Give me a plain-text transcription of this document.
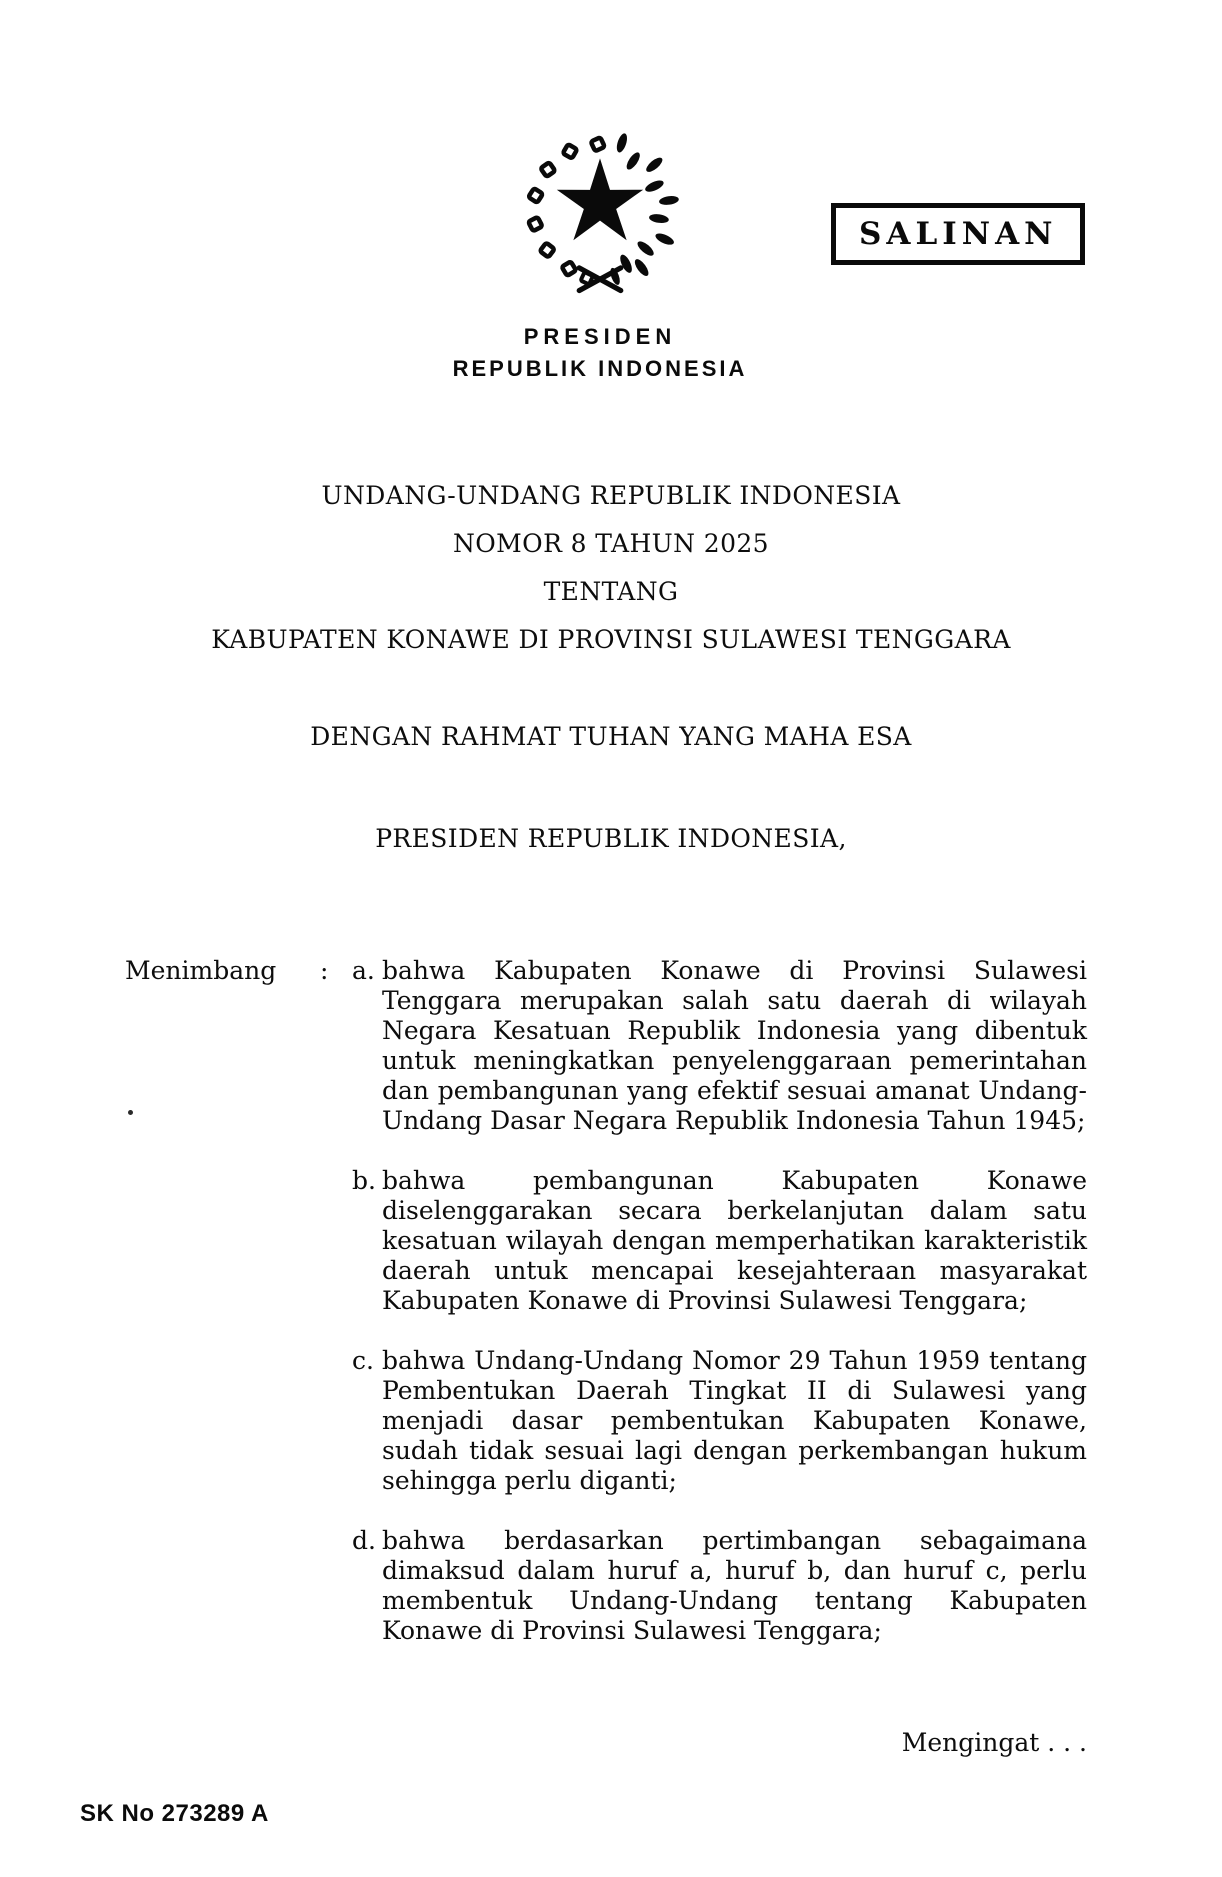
PRESIDEN
REPUBLIK INDONESIA
SALINAN
UNDANG-UNDANG REPUBLIK INDONESIA
NOMOR 8 TAHUN 2025
TENTANG
KABUPATEN KONAWE DI PROVINSI SULAWESI TENGGARA
DENGAN RAHMAT TUHAN YANG MAHA ESA
PRESIDEN REPUBLIK INDONESIA,
Menimbang	: a. bahwa Kabupaten Konawe di Provinsi Sulawesi Tenggara merupakan salah satu daerah di wilayah Negara Kesatuan Republik Indonesia yang dibentuk untuk meningkatkan penyelenggaraan pemerintahan dan pembangunan yang efektif sesuai amanat Undang-Undang Dasar Negara Republik Indonesia Tahun 1945;
b. bahwa pembangunan Kabupaten Konawe diselenggarakan secara berkelanjutan dalam satu kesatuan wilayah dengan memperhatikan karakteristik daerah untuk mencapai kesejahteraan masyarakat Kabupaten Konawe di Provinsi Sulawesi Tenggara;
c. bahwa Undang-Undang Nomor 29 Tahun 1959 tentang Pembentukan Daerah Tingkat II di Sulawesi yang menjadi dasar pembentukan Kabupaten Konawe, sudah tidak sesuai lagi dengan perkembangan hukum sehingga perlu diganti;
d. bahwa berdasarkan pertimbangan sebagaimana dimaksud dalam huruf a, huruf b, dan huruf c, perlu membentuk Undang-Undang tentang Kabupaten Konawe di Provinsi Sulawesi Tenggara;
Mengingat . . .
SK No 273289 A
